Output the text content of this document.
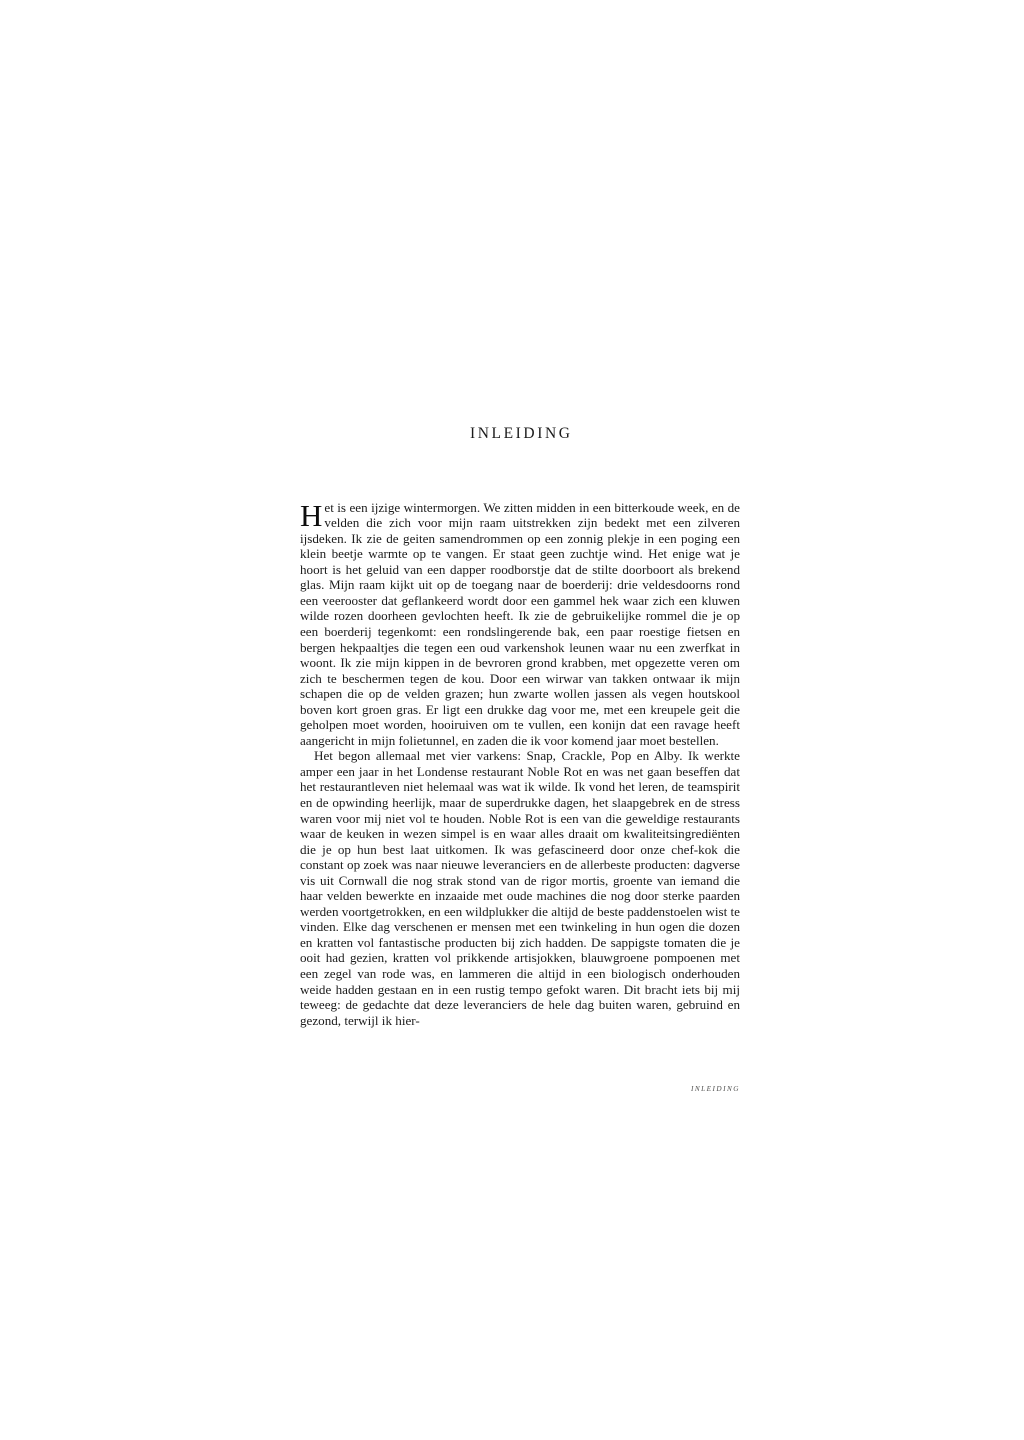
INLEIDING

Het is een ijzige wintermorgen. We zitten midden in een bitterkoude week, en de velden die zich voor mijn raam uitstrekken zijn bedekt met een zilveren ijsdeken. Ik zie de geiten samendrommen op een zonnig plekje in een poging een klein beetje warmte op te vangen. Er staat geen zuchtje wind. Het enige wat je hoort is het geluid van een dapper roodborstje dat de stilte doorboort als brekend glas. Mijn raam kijkt uit op de toegang naar de boerderij: drie veldesdoorns rond een veerooster dat geflankeerd wordt door een gammel hek waar zich een kluwen wilde rozen doorheen gevlochten heeft. Ik zie de gebruikelijke rommel die je op een boerderij tegenkomt: een rondslingerende bak, een paar roestige fietsen en bergen hekpaaltjes die tegen een oud varkenshok leunen waar nu een zwerfkat in woont. Ik zie mijn kippen in de bevroren grond krabben, met opgezette veren om zich te beschermen tegen de kou. Door een wirwar van takken ontwaar ik mijn schapen die op de velden grazen; hun zwarte wollen jassen als vegen houtskool boven kort groen gras. Er ligt een drukke dag voor me, met een kreupele geit die geholpen moet worden, hooiruiven om te vullen, een konijn dat een ravage heeft aangericht in mijn folietunnel, en zaden die ik voor komend jaar moet bestellen.

Het begon allemaal met vier varkens: Snap, Crackle, Pop en Alby. Ik werkte amper een jaar in het Londense restaurant Noble Rot en was net gaan beseffen dat het restaurantleven niet helemaal was wat ik wilde. Ik vond het leren, de teamspirit en de opwinding heerlijk, maar de superdrukke dagen, het slaapgebrek en de stress waren voor mij niet vol te houden. Noble Rot is een van die geweldige restaurants waar de keuken in wezen simpel is en waar alles draait om kwaliteitsingrediënten die je op hun best laat uitkomen. Ik was gefascineerd door onze chef-kok die constant op zoek was naar nieuwe leveranciers en de allerbeste producten: dagverse vis uit Cornwall die nog strak stond van de rigor mortis, groente van iemand die haar velden bewerkte en inzaaide met oude machines die nog door sterke paarden werden voortgetrokken, en een wildplukker die altijd de beste paddenstoelen wist te vinden. Elke dag verschenen er mensen met een twinkeling in hun ogen die dozen en kratten vol fantastische producten bij zich hadden. De sappigste tomaten die je ooit had gezien, kratten vol prikkende artisjokken, blauwgroene pompoenen met een zegel van rode was, en lammeren die altijd in een biologisch onderhouden weide hadden gestaan en in een rustig tempo gefokt waren. Dit bracht iets bij mij teweeg: de gedachte dat deze leveranciers de hele dag buiten waren, gebruind en gezond, terwijl ik hier-

INLEIDING
